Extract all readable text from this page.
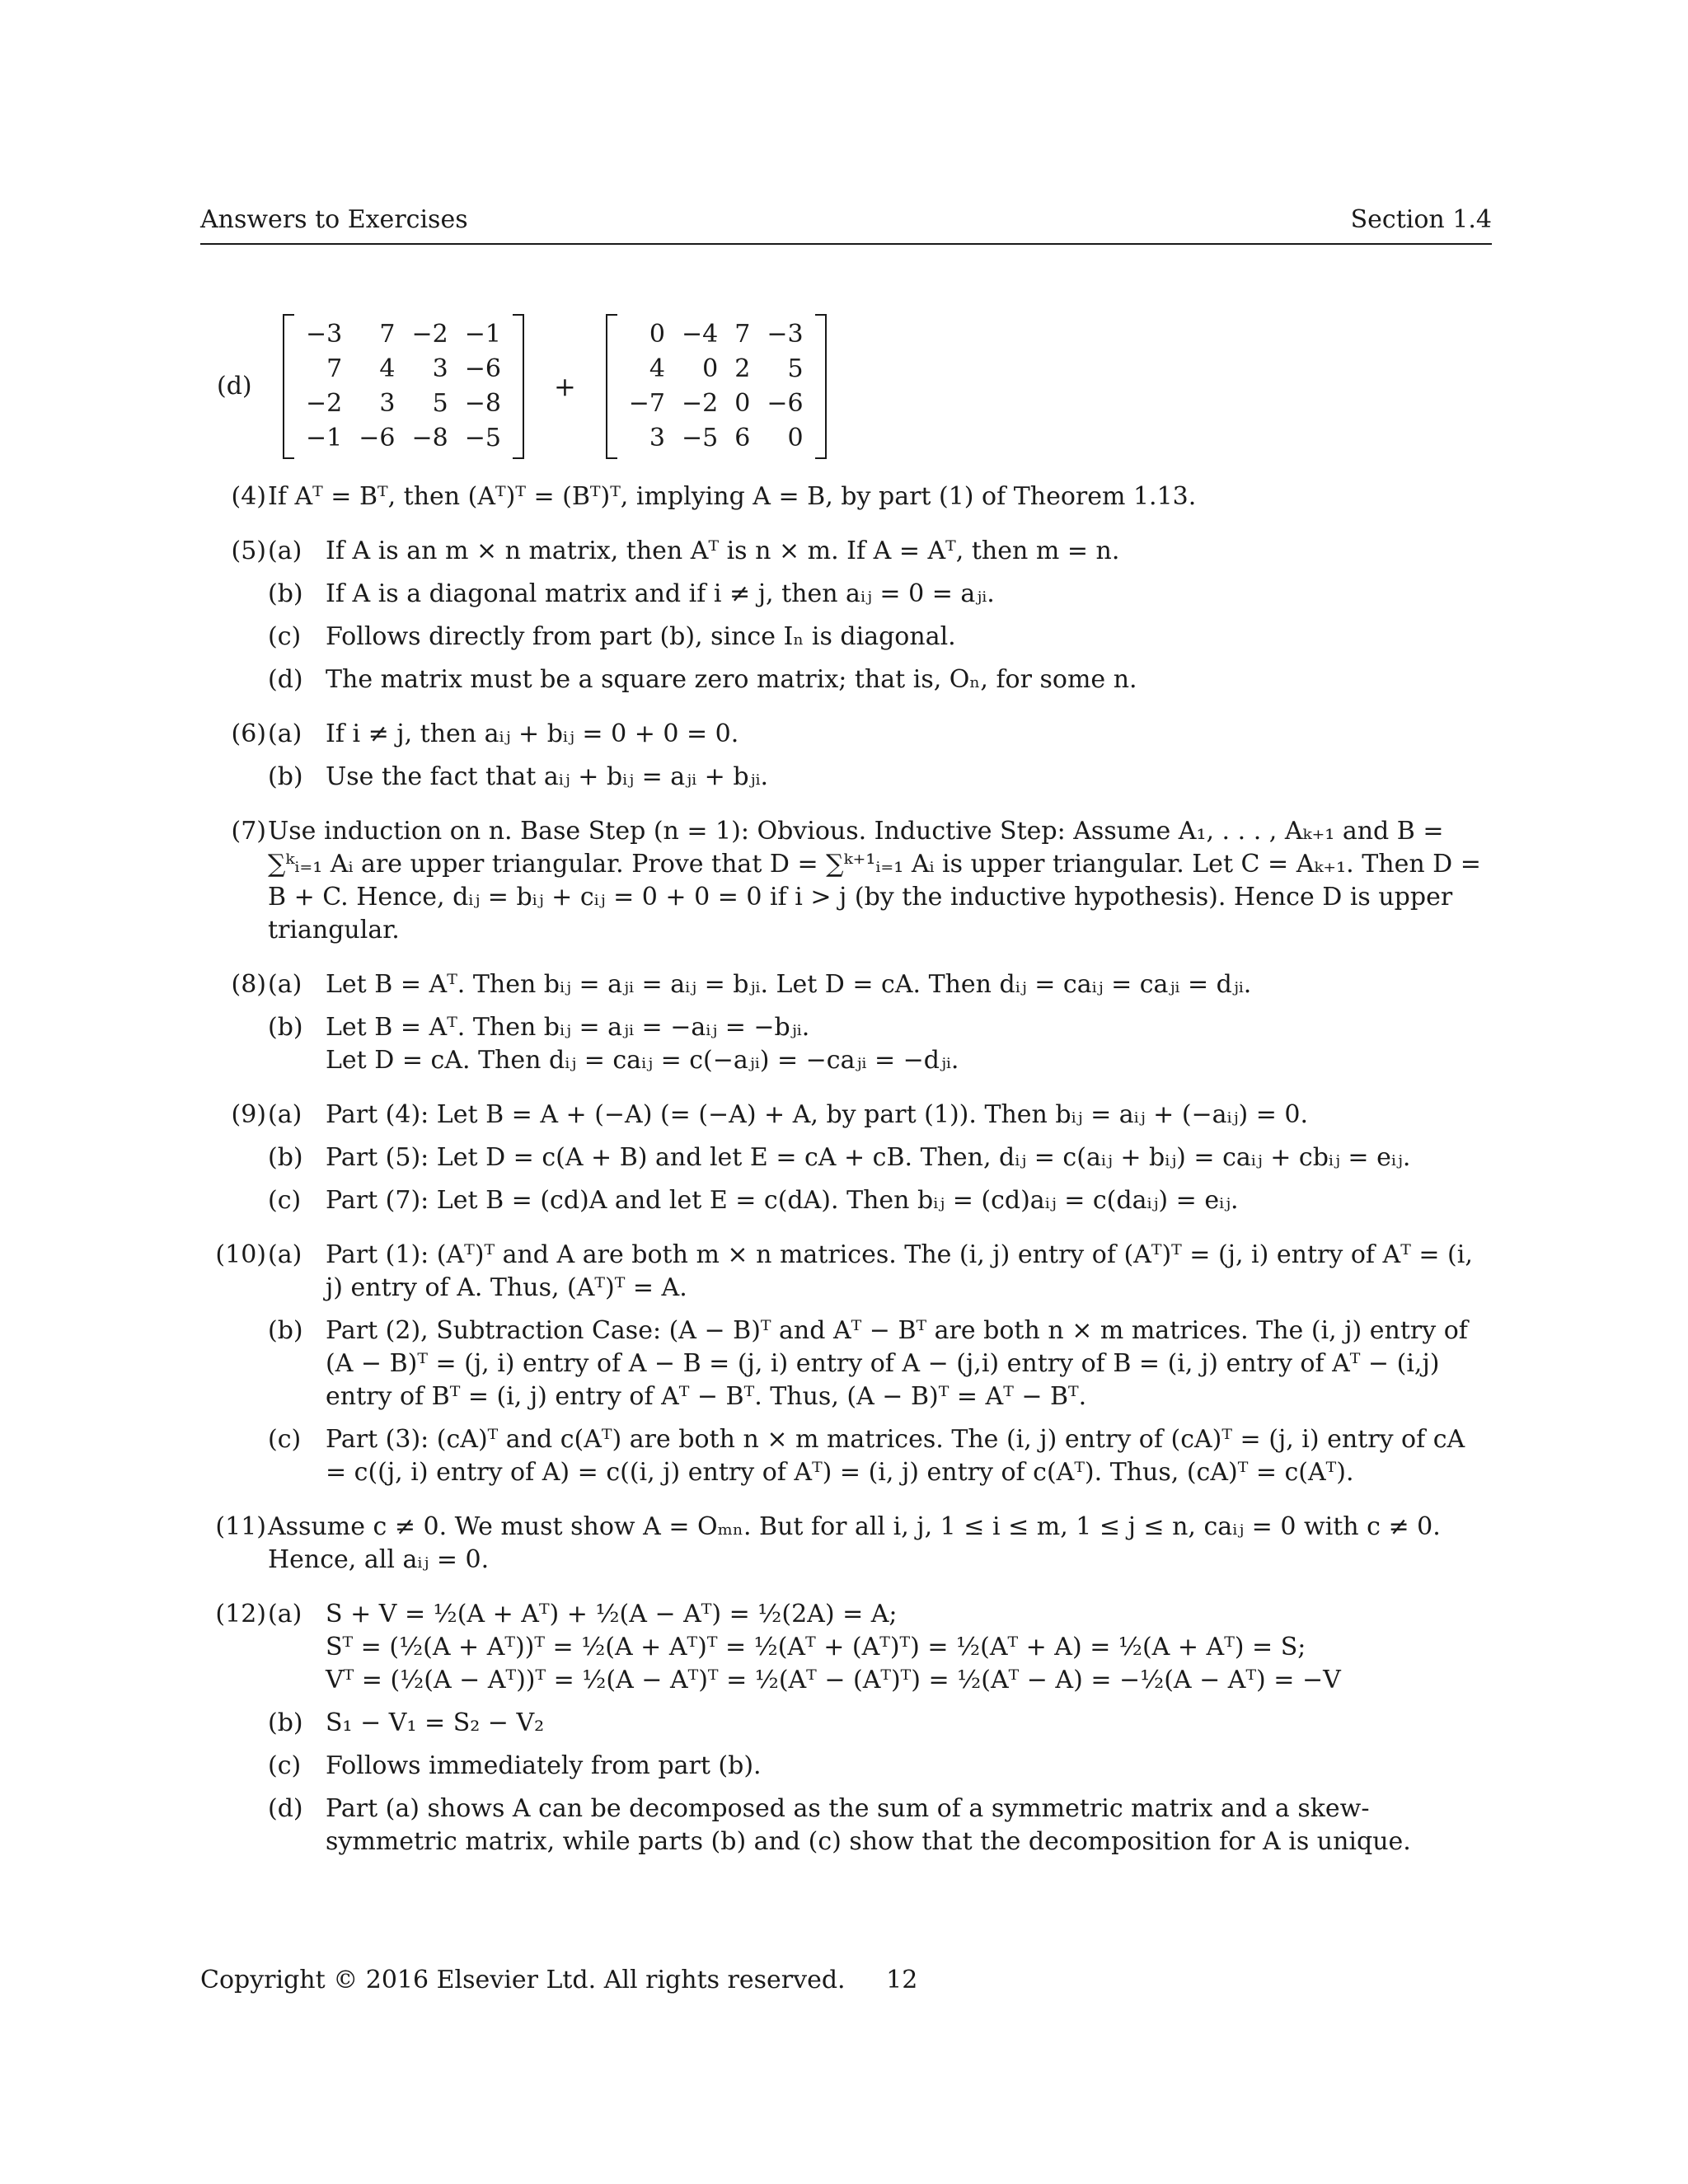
Answers to Exercises	Section 1.4
(d)
−3	7	−2	−1
7	4	3	−6
−2	3	5	−8
−1	−6	−8	−5
+
0	−4	7	−3
4	0	2	5
−7	−2	0	−6
3	−5	6	0
(4) If Aᵀ = Bᵀ, then (Aᵀ)ᵀ = (Bᵀ)ᵀ, implying A = B, by part (1) of Theorem 1.13.
(5) (a) If A is an m × n matrix, then Aᵀ is n × m. If A = Aᵀ, then m = n.
(b) If A is a diagonal matrix and if i ≠ j, then aᵢⱼ = 0 = aⱼᵢ.
(c) Follows directly from part (b), since Iₙ is diagonal.
(d) The matrix must be a square zero matrix; that is, Oₙ, for some n.
(6) (a) If i ≠ j, then aᵢⱼ + bᵢⱼ = 0 + 0 = 0.
(b) Use the fact that aᵢⱼ + bᵢⱼ = aⱼᵢ + bⱼᵢ.
(7) Use induction on n. Base Step (n = 1): Obvious. Inductive Step: Assume A₁, . . . , Aₖ₊₁ and B = ∑ᵏᵢ₌₁ Aᵢ are upper triangular. Prove that D = ∑ᵏ⁺¹ᵢ₌₁ Aᵢ is upper triangular. Let C = Aₖ₊₁. Then D = B + C. Hence, dᵢⱼ = bᵢⱼ + cᵢⱼ = 0 + 0 = 0 if i > j (by the inductive hypothesis). Hence D is upper triangular.
(8) (a) Let B = Aᵀ. Then bᵢⱼ = aⱼᵢ = aᵢⱼ = bⱼᵢ. Let D = cA. Then dᵢⱼ = caᵢⱼ = caⱼᵢ = dⱼᵢ.
(b) Let B = Aᵀ. Then bᵢⱼ = aⱼᵢ = −aᵢⱼ = −bⱼᵢ.
Let D = cA. Then dᵢⱼ = caᵢⱼ = c(−aⱼᵢ) = −caⱼᵢ = −dⱼᵢ.
(9) (a) Part (4): Let B = A + (−A) (= (−A) + A, by part (1)). Then bᵢⱼ = aᵢⱼ + (−aᵢⱼ) = 0.
(b) Part (5): Let D = c(A + B) and let E = cA + cB. Then, dᵢⱼ = c(aᵢⱼ + bᵢⱼ) = caᵢⱼ + cbᵢⱼ = eᵢⱼ.
(c) Part (7): Let B = (cd)A and let E = c(dA). Then bᵢⱼ = (cd)aᵢⱼ = c(daᵢⱼ) = eᵢⱼ.
(10) (a) Part (1): (Aᵀ)ᵀ and A are both m × n matrices. The (i, j) entry of (Aᵀ)ᵀ = (j, i) entry of Aᵀ = (i, j) entry of A. Thus, (Aᵀ)ᵀ = A.
(b) Part (2), Subtraction Case: (A − B)ᵀ and Aᵀ − Bᵀ are both n × m matrices. The (i, j) entry of (A − B)ᵀ = (j, i) entry of A − B = (j, i) entry of A − (j,i) entry of B = (i, j) entry of Aᵀ − (i,j) entry of Bᵀ = (i, j) entry of Aᵀ − Bᵀ. Thus, (A − B)ᵀ = Aᵀ − Bᵀ.
(c) Part (3): (cA)ᵀ and c(Aᵀ) are both n × m matrices. The (i, j) entry of (cA)ᵀ = (j, i) entry of cA = c((j, i) entry of A) = c((i, j) entry of Aᵀ) = (i, j) entry of c(Aᵀ). Thus, (cA)ᵀ = c(Aᵀ).
(11) Assume c ≠ 0. We must show A = Oₘₙ. But for all i, j, 1 ≤ i ≤ m, 1 ≤ j ≤ n, caᵢⱼ = 0 with c ≠ 0. Hence, all aᵢⱼ = 0.
(12) (a) S + V = ½(A + Aᵀ) + ½(A − Aᵀ) = ½(2A) = A;
Sᵀ = (½(A + Aᵀ))ᵀ = ½(A + Aᵀ)ᵀ = ½(Aᵀ + (Aᵀ)ᵀ) = ½(Aᵀ + A) = ½(A + Aᵀ) = S;
Vᵀ = (½(A − Aᵀ))ᵀ = ½(A − Aᵀ)ᵀ = ½(Aᵀ − (Aᵀ)ᵀ) = ½(Aᵀ − A) = −½(A − Aᵀ) = −V
(b) S₁ − V₁ = S₂ − V₂
(c) Follows immediately from part (b).
(d) Part (a) shows A can be decomposed as the sum of a symmetric matrix and a skew-symmetric matrix, while parts (b) and (c) show that the decomposition for A is unique.
Copyright © 2016 Elsevier Ltd. All rights reserved. 12
